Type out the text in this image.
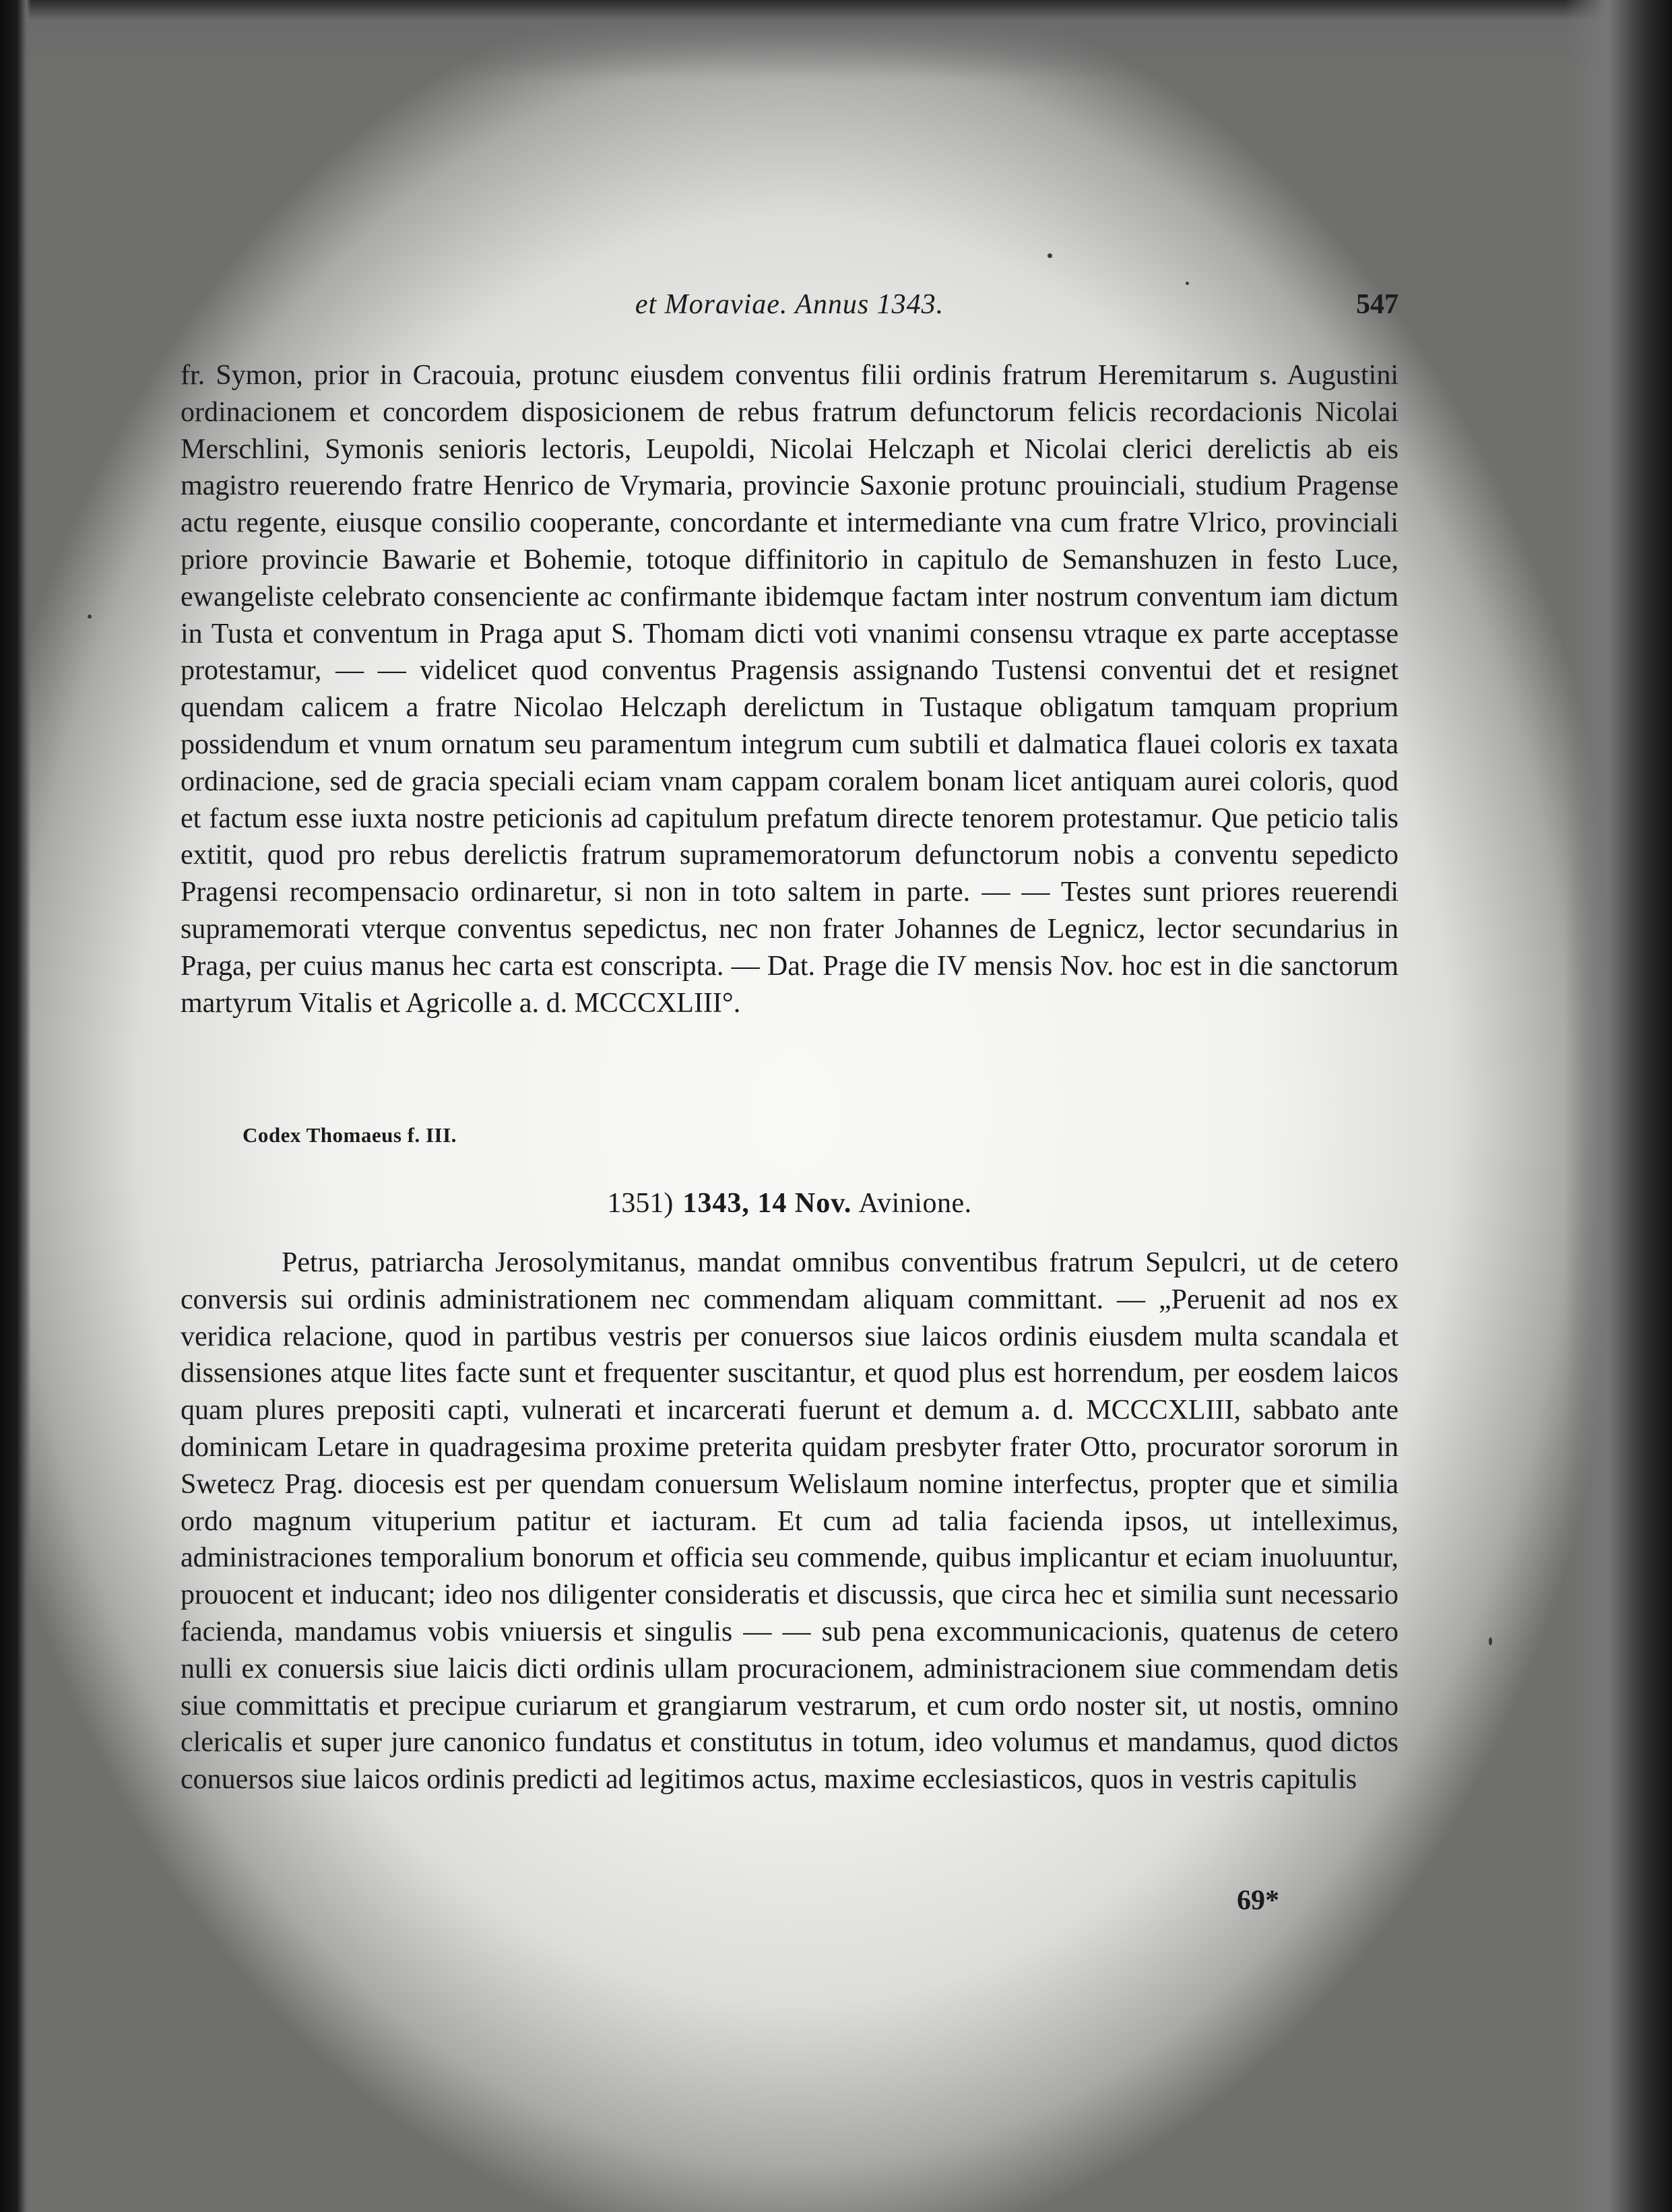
et Moraviae. Annus 1343.	547

fr. Symon, prior in Cracouia, protunc eiusdem conventus filii ordinis fratrum Heremitarum s. Augustini ordinacionem et concordem disposicionem de rebus fratrum defunctorum felicis recordacionis Nicolai Merschlini, Symonis senioris lectoris, Leupoldi, Nicolai Helczaph et Nicolai clerici derelictis ab eis magistro reuerendo fratre Henrico de Vrymaria, provincie Saxonie protunc prouinciali, studium Pragense actu regente, eiusque consilio cooperante, concordante et intermediante vna cum fratre Vlrico, provinciali priore provincie Bawarie et Bohemie, totoque diffinitorio in capitulo de Semanshuzen in festo Luce, ewangeliste celebrato consenciente ac confirmante ibidemque factam inter nostrum conventum iam dictum in Tusta et conventum in Praga aput S. Thomam dicti voti vnanimi consensu vtraque ex parte acceptasse protestamur, — — videlicet quod conventus Pragensis assignando Tustensi conventui det et resignet quendam calicem a fratre Nicolao Helczaph derelictum in Tustaque obligatum tamquam proprium possidendum et vnum ornatum seu paramentum integrum cum subtili et dalmatica flauei coloris ex taxata ordinacione, sed de gracia speciali eciam vnam cappam coralem bonam licet antiquam aurei coloris, quod et factum esse iuxta nostre peticionis ad capitulum prefatum directe tenorem protestamur. Que peticio talis extitit, quod pro rebus derelictis fratrum supramemoratorum defunctorum nobis a conventu sepedicto Pragensi recompensacio ordinaretur, si non in toto saltem in parte. — — Testes sunt priores reuerendi supramemorati vterque conventus sepedictus, nec non frater Johannes de Legnicz, lector secundarius in Praga, per cuius manus hec carta est conscripta. — Dat. Prage die IV mensis Nov. hoc est in die sanctorum martyrum Vitalis et Agricolle a. d. MCCCXLIII°.

Codex Thomaeus f. III.
1351) 1343, 14 Nov. Avinione.

Petrus, patriarcha Jerosolymitanus, mandat omnibus conventibus fratrum Sepulcri, ut de cetero conversis sui ordinis administrationem nec commendam aliquam committant. — „Peruenit ad nos ex veridica relacione, quod in partibus vestris per conuersos siue laicos ordinis eiusdem multa scandala et dissensiones atque lites facte sunt et frequenter suscitantur, et quod plus est horrendum, per eosdem laicos quam plures prepositi capti, vulnerati et incarcerati fuerunt et demum a. d. MCCCXLIII, sabbato ante dominicam Letare in quadragesima proxime preterita quidam presbyter frater Otto, procurator sororum in Swetecz Prag. diocesis est per quendam conuersum Welislaum nomine interfectus, propter que et similia ordo magnum vituperium patitur et iacturam. Et cum ad talia facienda ipsos, ut intelleximus, administraciones temporalium bonorum et officia seu commende, quibus implicantur et eciam inuoluuntur, prouocent et inducant; ideo nos diligenter consideratis et discussis, que circa hec et similia sunt necessario facienda, mandamus vobis vniuersis et singulis — — sub pena excommunicacionis, quatenus de cetero nulli ex conuersis siue laicis dicti ordinis ullam procuracionem, administracionem siue commendam detis siue committatis et precipue curiarum et grangiarum vestrarum, et cum ordo noster sit, ut nostis, omnino clericalis et super jure canonico fundatus et constitutus in totum, ideo volumus et mandamus, quod dictos conuersos siue laicos ordinis predicti ad legitimos actus, maxime ecclesiasticos, quos in vestris capitulis

69*
